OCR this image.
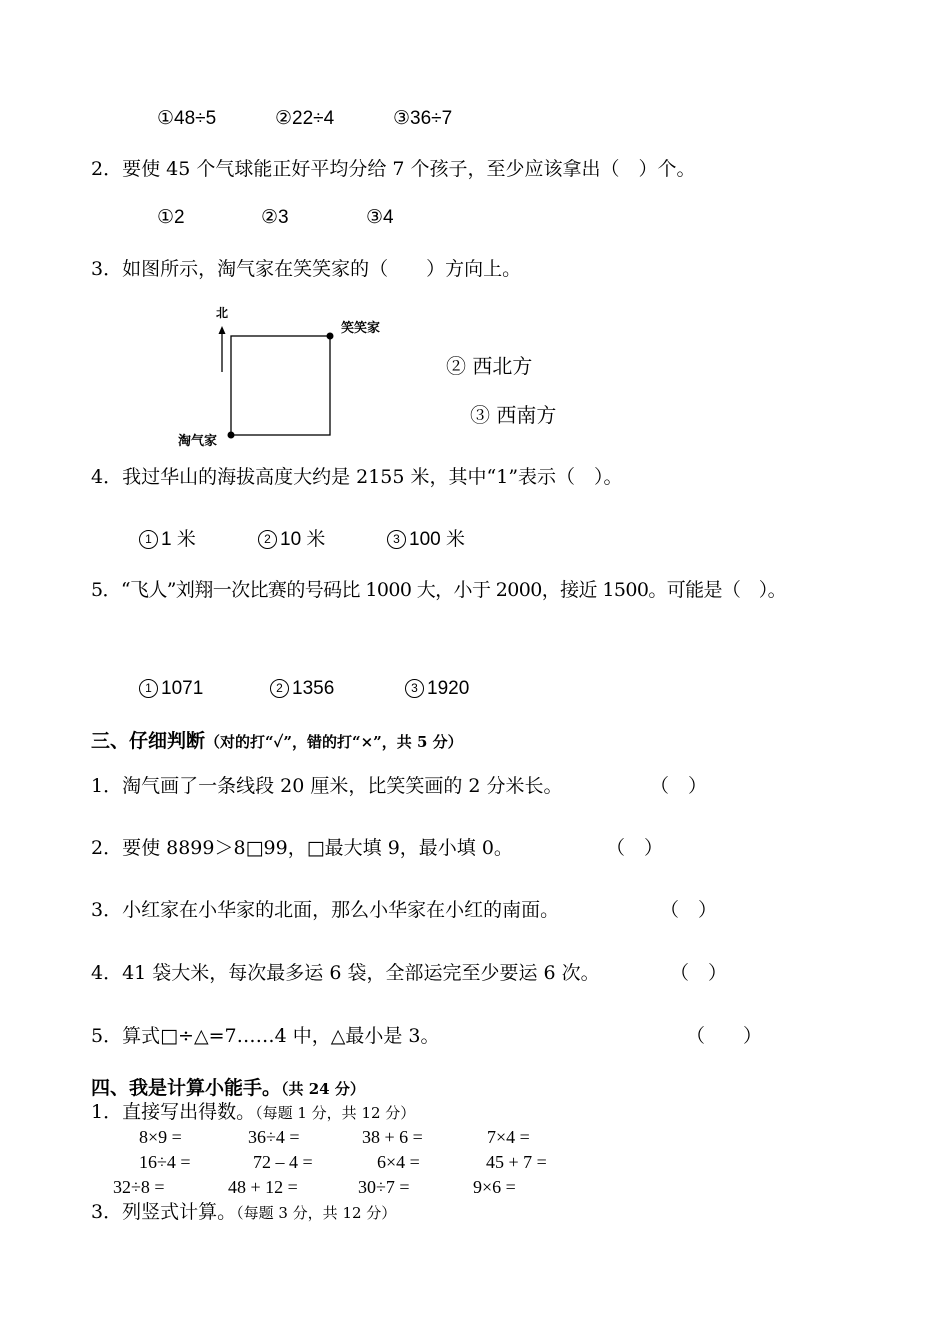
①48÷5	②22÷4	③36÷7
2．要使 45 个气球能正好平均分给 7 个孩子，至少应该拿出（　）个。
①2	②3	③4
3．如图所示，淘气家在笑笑家的（　　）方向上。
北
笑笑家
淘气家
② 西北方
③ 西南方
4．我过华山的海拔高度大约是 2155 米，其中“1”表示（　）。
1 1 米	2 10 米	3 100 米
5．“飞人”刘翔一次比赛的号码比 1000 大，小于 2000，接近 1500。可能是（　）。
1 1071	2 1356	3 1920
三、仔细判断（对的打“✓”，错的打“×”，共 5 分）
1．淘气画了一条线段 20 厘米，比笑笑画的 2 分米长。	（　）
2．要使 8899＞8□99，□最大填 9，最小填 0。	（　）
3．小红家在小华家的北面，那么小华家在小红的南面。	（　）
4．41 袋大米，每次最多运 6 袋，全部运完至少要运 6 次。	（　）
5．算式□÷△=7……4 中，△最小是 3。	（　　）
四、我是计算小能手。（共 24 分）
1．直接写出得数。（每题 1 分，共 12 分）
8×9 =	36÷4 =	38 + 6 =	7×4 =
16÷4 =	72 – 4 =	6×4 =	45 + 7 =
32÷8 =	48 + 12 =	30÷7 =	9×6 =
3．列竖式计算。（每题 3 分，共 12 分）
